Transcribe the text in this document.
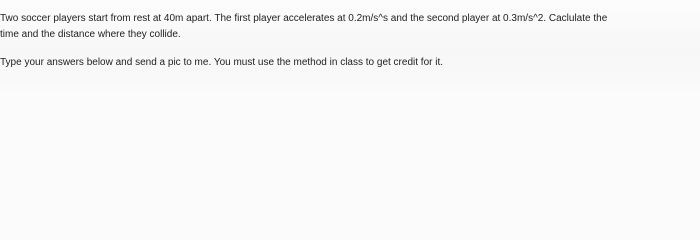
Two soccer players start from rest at 40m apart. The first player accelerates at 0.2m/s^s and the second player at 0.3m/s^2. Caclulate the
time and the distance where they collide.
Type your answers below and send a pic to me. You must use the method in class to get credit for it.
